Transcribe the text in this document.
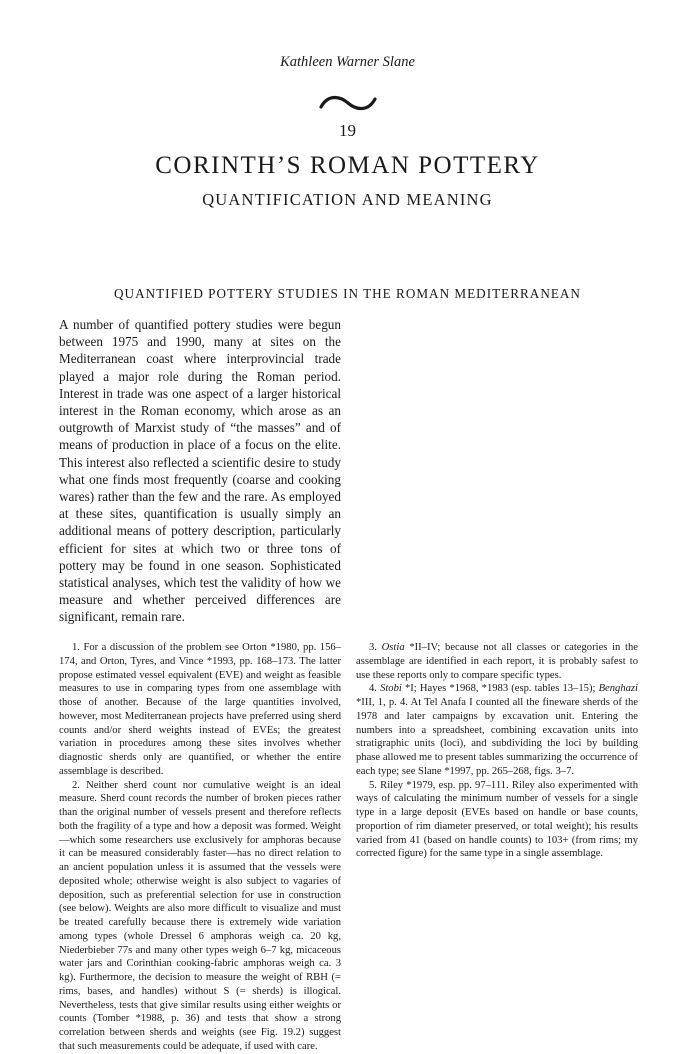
Kathleen Warner Slane
19
CORINTH’S ROMAN POTTERY
QUANTIFICATION AND MEANING
QUANTIFIED POTTERY STUDIES IN THE ROMAN MEDITERRANEAN

A number of quantified pottery studies were begun between 1975 and 1990, many at sites on the Mediterranean coast where interprovincial trade played a major role during the Roman period. Interest in trade was one aspect of a larger historical interest in the Roman economy, which arose as an outgrowth of Marxist study of “the masses” and of means of production in place of a focus on the elite. This interest also reflected a scientific desire to study what one finds most frequently (coarse and cooking wares) rather than the few and the rare. As employed at these sites, quantification is usually simply an additional means of pottery description, particularly efficient for sites at which two or three tons of pottery may be found in one season. Sophisticated statistical analyses, which test the validity of how we measure and whether perceived differences are significant, remain rare.

1. For a discussion of the problem see Orton *1980, pp. 156–174, and Orton, Tyres, and Vince *1993, pp. 168–173. The latter propose estimated vessel equivalent (EVE) and weight as feasible measures to use in comparing types from one assemblage with those of another. Because of the large quantities involved, however, most Mediterranean projects have preferred using sherd counts and/or sherd weights instead of EVEs; the greatest variation in procedures among these sites involves whether diagnostic sherds only are quantified, or whether the entire assemblage is described.

2. Neither sherd count nor cumulative weight is an ideal measure. Sherd count records the number of broken pieces rather than the original number of vessels present and therefore reflects both the fragility of a type and how a deposit was formed. Weight—which some researchers use exclusively for amphoras because it can be measured considerably faster—has no direct relation to an ancient population unless it is assumed that the vessels were deposited whole; otherwise weight is also subject to vagaries of deposition, such as preferential selection for use in construction (see below). Weights are also more difficult to visualize and must be treated carefully because there is extremely wide variation among types (whole Dressel 6 amphoras weigh ca. 20 kg, Niederbieber 77s and many other types weigh 6–7 kg, micaceous water jars and Corinthian cooking-fabric amphoras weigh ca. 3 kg). Furthermore, the decision to measure the weight of RBH (= rims, bases, and handles) without S (= sherds) is illogical. Nevertheless, tests that give similar results using either weights or counts (Tomber *1988, p. 36) and tests that show a strong correlation between sherds and weights (see Fig. 19.2) suggest that such measurements could be adequate, if used with care.

3. Ostia *II–IV; because not all classes or categories in the assemblage are identified in each report, it is probably safest to use these reports only to compare specific types.

4. Stobi *I; Hayes *1968, *1983 (esp. tables 13–15); Benghazi *III, 1, p. 4. At Tel Anafa I counted all the fineware sherds of the 1978 and later campaigns by excavation unit. Entering the numbers into a spreadsheet, combining excavation units into stratigraphic units (loci), and subdividing the loci by building phase allowed me to present tables summarizing the occurrence of each type; see Slane *1997, pp. 265–268, figs. 3–7.

5. Riley *1979, esp. pp. 97–111. Riley also experimented with ways of calculating the minimum number of vessels for a single type in a large deposit (EVEs based on handle or base counts, proportion of rim diameter preserved, or total weight); his results varied from 41 (based on handle counts) to 103+ (from rims; my corrected figure) for the same type in a single assemblage.
